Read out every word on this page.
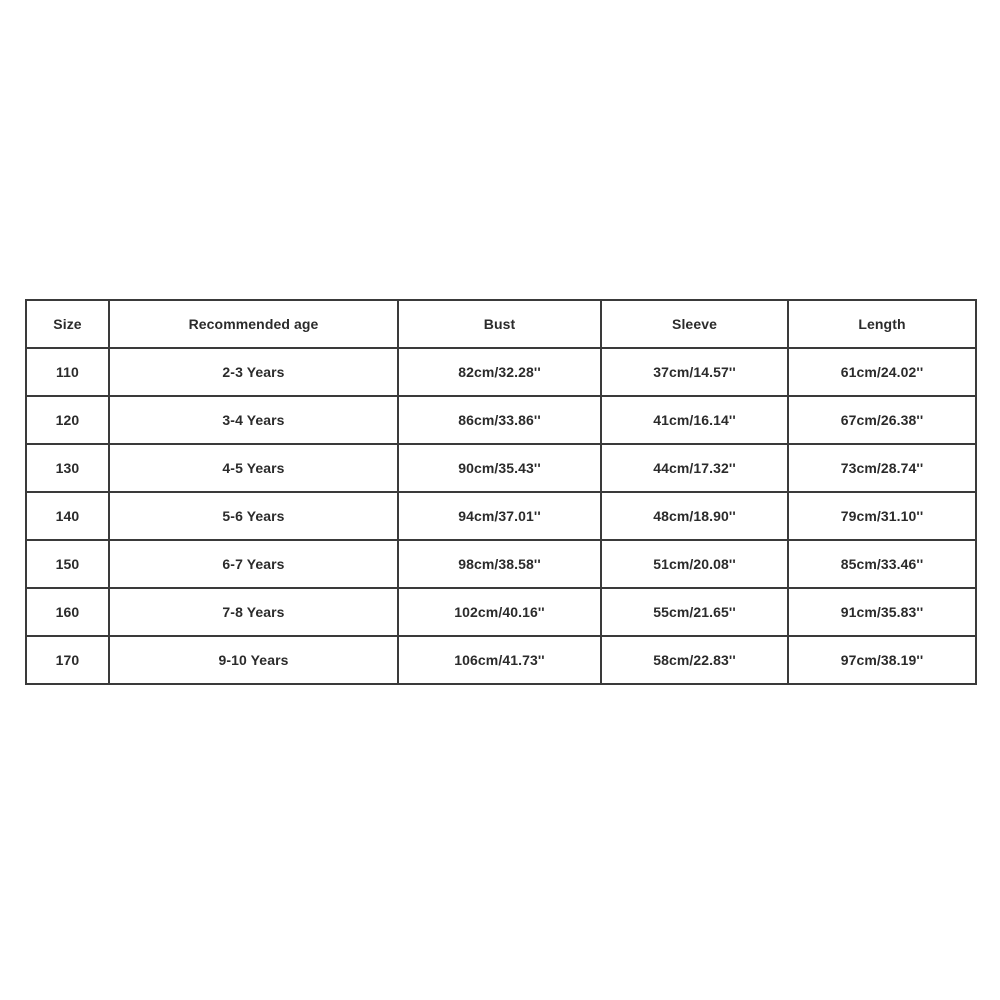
Size	Recommended age	Bust	Sleeve	Length
110	2-3 Years	82cm/32.28''	37cm/14.57''	61cm/24.02''
120	3-4 Years	86cm/33.86''	41cm/16.14''	67cm/26.38''
130	4-5 Years	90cm/35.43''	44cm/17.32''	73cm/28.74''
140	5-6 Years	94cm/37.01''	48cm/18.90''	79cm/31.10''
150	6-7 Years	98cm/38.58''	51cm/20.08''	85cm/33.46''
160	7-8 Years	102cm/40.16''	55cm/21.65''	91cm/35.83''
170	9-10 Years	106cm/41.73''	58cm/22.83''	97cm/38.19''
